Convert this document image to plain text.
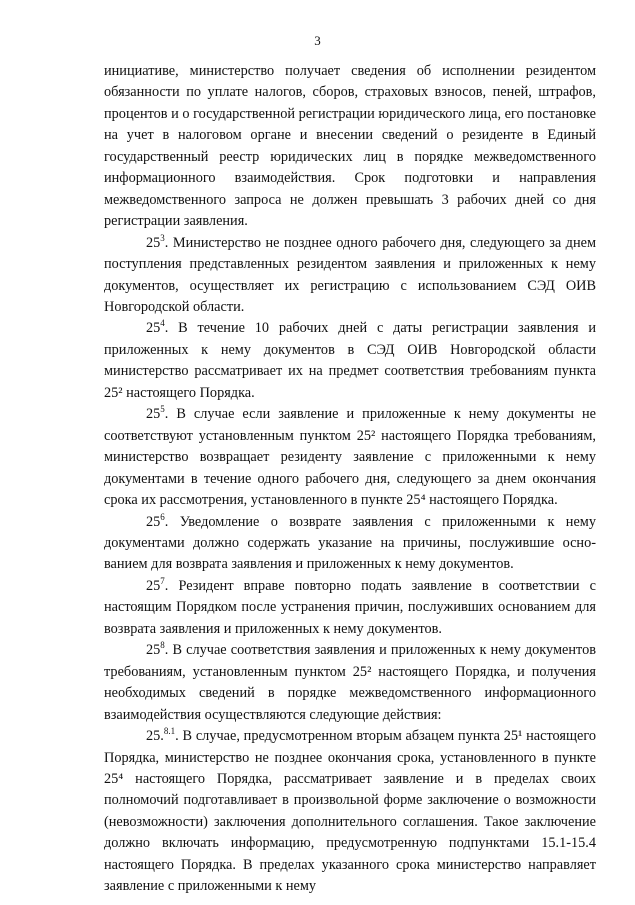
3

инициативе, министерство получает сведения об исполнении резидентом обязанности по уплате налогов, сборов, страховых взносов, пеней, штрафов, процентов и о государственной регистрации юридического лица, его постановке на учет в налоговом органе и внесении сведений о резиденте в Единый государственный реестр юридических лиц в порядке межведомственного информационного взаимодействия. Срок подготовки и направления межведомственного запроса не должен превышать 3 рабочих дней со дня регистрации заявления.

$25^3$. Министерство не позднее одного рабочего дня, следующего за днем поступления представленных резидентом заявления и приложенных к нему документов, осуществляет их регистрацию с использованием СЭД ОИВ Новгородской области.

$25^4$. В течение 10 рабочих дней с даты регистрации заявления и приложенных к нему документов в СЭД ОИВ Новгородской области министерство рассматривает их на предмет соответствия требованиям пункта 25² настоящего Порядка.

$25^5$. В случае если заявление и приложенные к нему документы не соответствуют установленным пунктом 25² настоящего Порядка требованиям, министерство возвращает резиденту заявление с приложенными к нему документами в течение одного рабочего дня, следующего за днем окончания срока их рассмотрения, установленного в пункте 25⁴ настоящего Порядка.

$25^6$. Уведомление о возврате заявления с приложенными к нему документами должно содержать указание на причины, послужившие основанием для возврата заявления и приложенных к нему документов.

$25^7$. Резидент вправе повторно подать заявление в соответствии с настоящим Порядком после устранения причин, послуживших основанием для возврата заявления и приложенных к нему документов.

$25^8$. В случае соответствия заявления и приложенных к нему документов требованиям, установленным пунктом 25² настоящего Порядка, и получения необходимых сведений в порядке межведомственного информационного взаимодействия осуществляются следующие действия:

25.$^{8.1}$. В случае, предусмотренном вторым абзацем пункта 25¹ настоящего Порядка, министерство не позднее окончания срока, установленного в пункте 25⁴ настоящего Порядка, рассматривает заявление и в пределах своих полномочий подготавливает в произвольной форме заключение о возможности (невозможности) заключения дополнительного соглашения. Такое заключение должно включать информацию, предусмотренную подпунктами 15.1-15.4 настоящего Порядка. В пределах указанного срока министерство направляет заявление с приложенными к нему
